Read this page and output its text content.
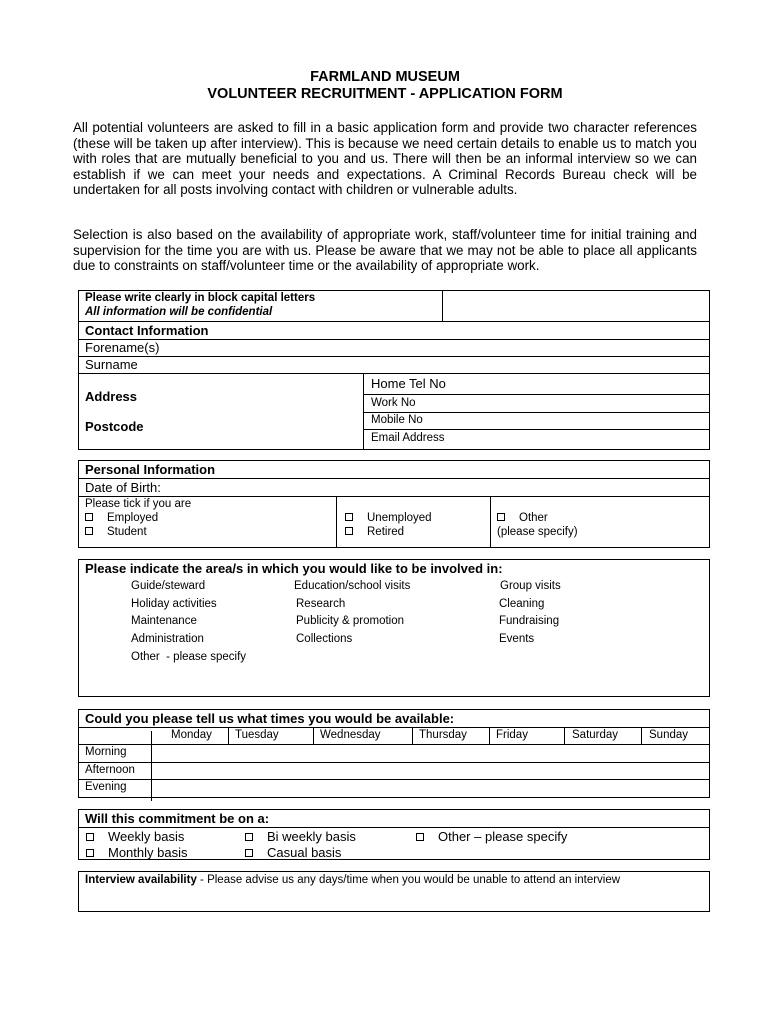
FARMLAND MUSEUM
VOLUNTEER RECRUITMENT - APPLICATION FORM
All potential volunteers are asked to fill in a basic application form and provide two character references (these will be taken up after interview). This is because we need certain details to enable us to match you with roles that are mutually beneficial to you and us. There will then be an informal interview so we can establish if we can meet your needs and expectations. A Criminal Records Bureau check will be undertaken for all posts involving contact with children or vulnerable adults.
Selection is also based on the availability of appropriate work, staff/volunteer time for initial training and supervision for the time you are with us. Please be aware that we may not be able to place all applicants due to constraints on staff/volunteer time or the availability of appropriate work.
Please write clearly in block capital letters
All information will be confidential
Contact Information
Forename(s)
Surname
Address
Postcode
Home Tel No
Work No
Mobile No
Email Address
Personal Information
Date of Birth:
Please tick if you are
Employed
Student
Unemployed
Retired
Other
(please specify)
Please indicate the area/s in which you would like to be involved in:
Guide/steward
Holiday activities
Maintenance
Administration
Other  - please specify
Education/school visits
Research
Publicity & promotion
Collections
Group visits
Cleaning
Fundraising
Events
Could you please tell us what times you would be available:
Monday Tuesday	Wednesday	Thursday	Friday	Saturday	Sunday
Morning
Afternoon
Evening
Will this commitment be on a:
Weekly basis
Monthly basis
Bi weekly basis
Casual basis
Other – please specify
Interview availability - Please advise us any days/time when you would be unable to attend an interview
